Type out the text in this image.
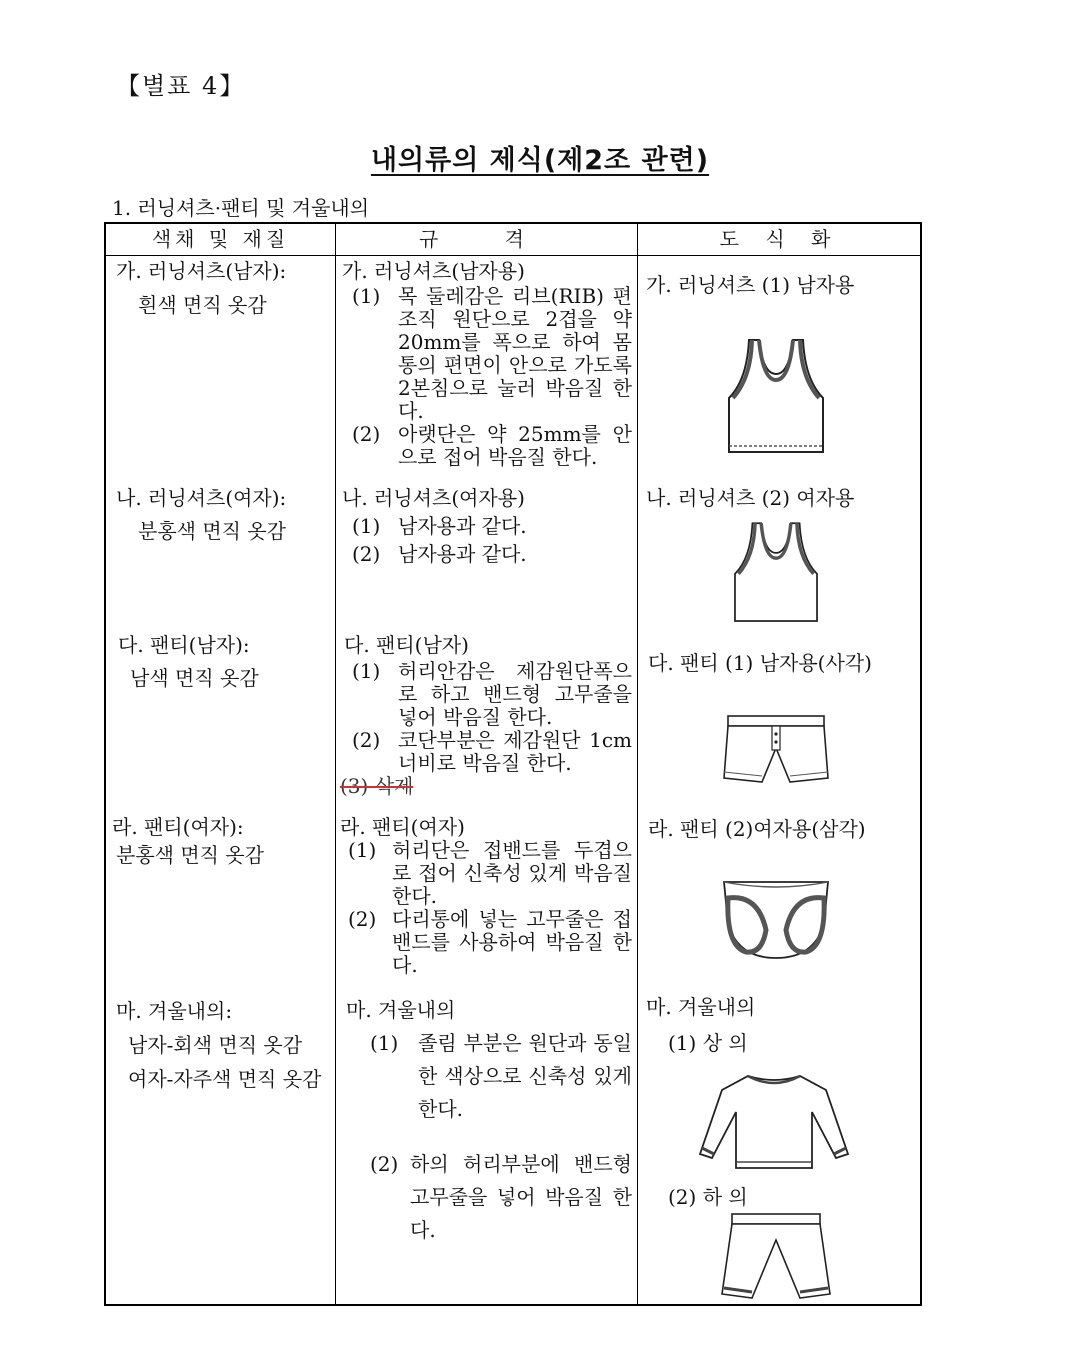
【별표 4】
내의류의 제식(제2조 관련)
1. 러닝셔츠·팬티 및 겨울내의
색채 및 재질	규 격	도 식 화

가. 러닝셔츠(남자):

흰색 면직 옷감

가. 러닝셔츠(남자용)

(1) 목 둘레감은 리브(RIB) 편조직 원단으로 2겹을 약 20mm를 폭으로 하여 몸통의 편면이 안으로 가도록 2본침으로 눌러 박음질 한다.
(2) 아랫단은 약 25mm를 안으로 접어 박음질 한다.
가. 러닝셔츠 (1) 남자용

나. 러닝셔츠(여자):

분홍색 면직 옷감

나. 러닝셔츠(여자용)

(1) 남자용과 같다.
(2) 남자용과 같다.
나. 러닝셔츠 (2) 여자용

다. 팬티(남자):

남색 면직 옷감

다. 팬티(남자)

(1) 허리안감은 제감원단폭으로 하고 밴드형 고무줄을 넣어 박음질 한다.
(2) 코단부분은 제감원단 1cm 너비로 박음질 한다.

(3) 삭제

다. 팬티 (1) 남자용(사각)

라. 팬티(여자):

분홍색 면직 옷감

라. 팬티(여자)

(1) 허리단은 접밴드를 두겹으로 접어 신축성 있게 박음질 한다.
(2) 다리통에 넣는 고무줄은 접밴드를 사용하여 박음질 한다.
라. 팬티 (2)여자용(삼각)

마. 겨울내의:

남자-회색 면직 옷감

여자-자주색 면직 옷감

마. 겨울내의

(1) 졸림 부분은 원단과 동일한 색상으로 신축성 있게 한다.
(2) 하의 허리부분에 밴드형 고무줄을 넣어 박음질 한다.
마. 겨울내의
(1) 상 의
(2) 하 의
